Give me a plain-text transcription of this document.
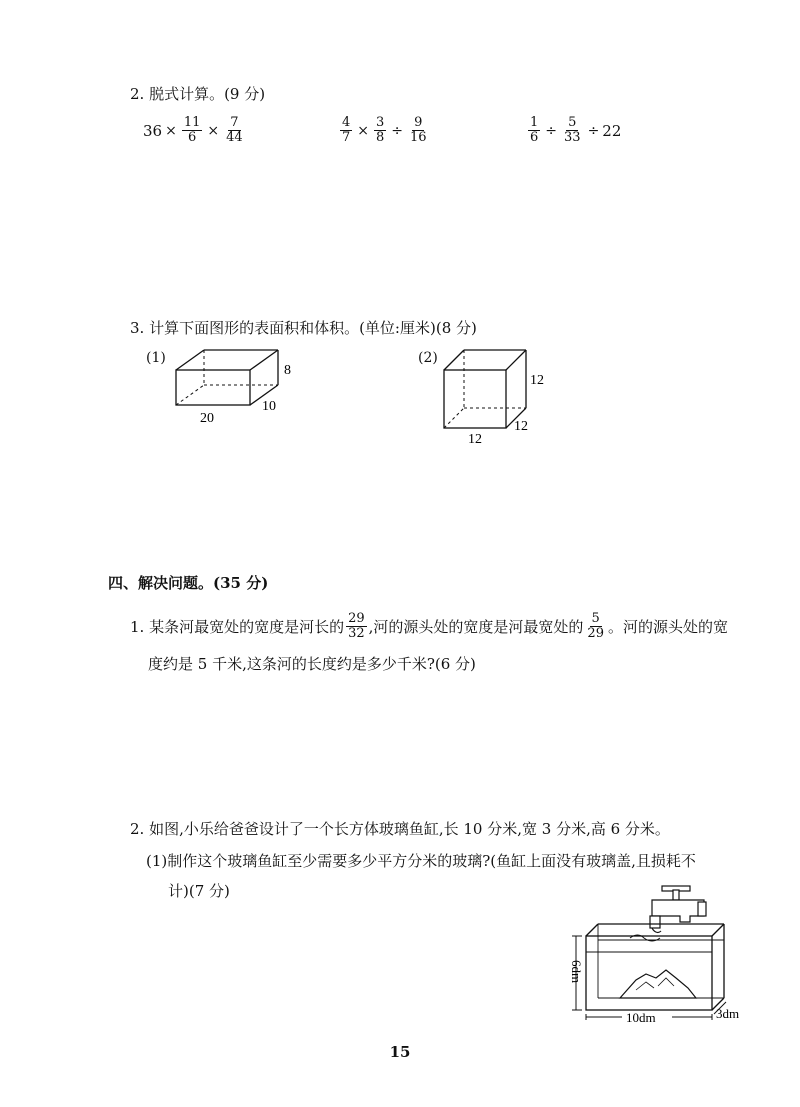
2. 脱式计算。(9 分)
$36 \times \frac{11}{6} \times \frac{7}{44}$	$\frac{4}{7} \times \frac{3}{8} \div \frac{9}{16}$	$\frac{1}{6} \div \frac{5}{33} \div 22$
3. 计算下面图形的表面积和体积。(单位:厘米)(8 分)
(1)
8
10
20
(2)
12
12
12
四、解决问题。(35 分)
1. 某条河最宽处的宽度是河长的 $\frac{29}{32}$ ,河的源头处的宽度是河最宽处的 $\frac{5}{29}$ 。河的源头处的宽
度约是 5 千米,这条河的长度约是多少千米?(6 分)
2. 如图,小乐给爸爸设计了一个长方体玻璃鱼缸,长 10 分米,宽 3 分米,高 6 分米。
(1)制作这个玻璃鱼缸至少需要多少平方分米的玻璃?(鱼缸上面没有玻璃盖,且损耗不
计)(7 分)
6dm
10dm	3dm
15
